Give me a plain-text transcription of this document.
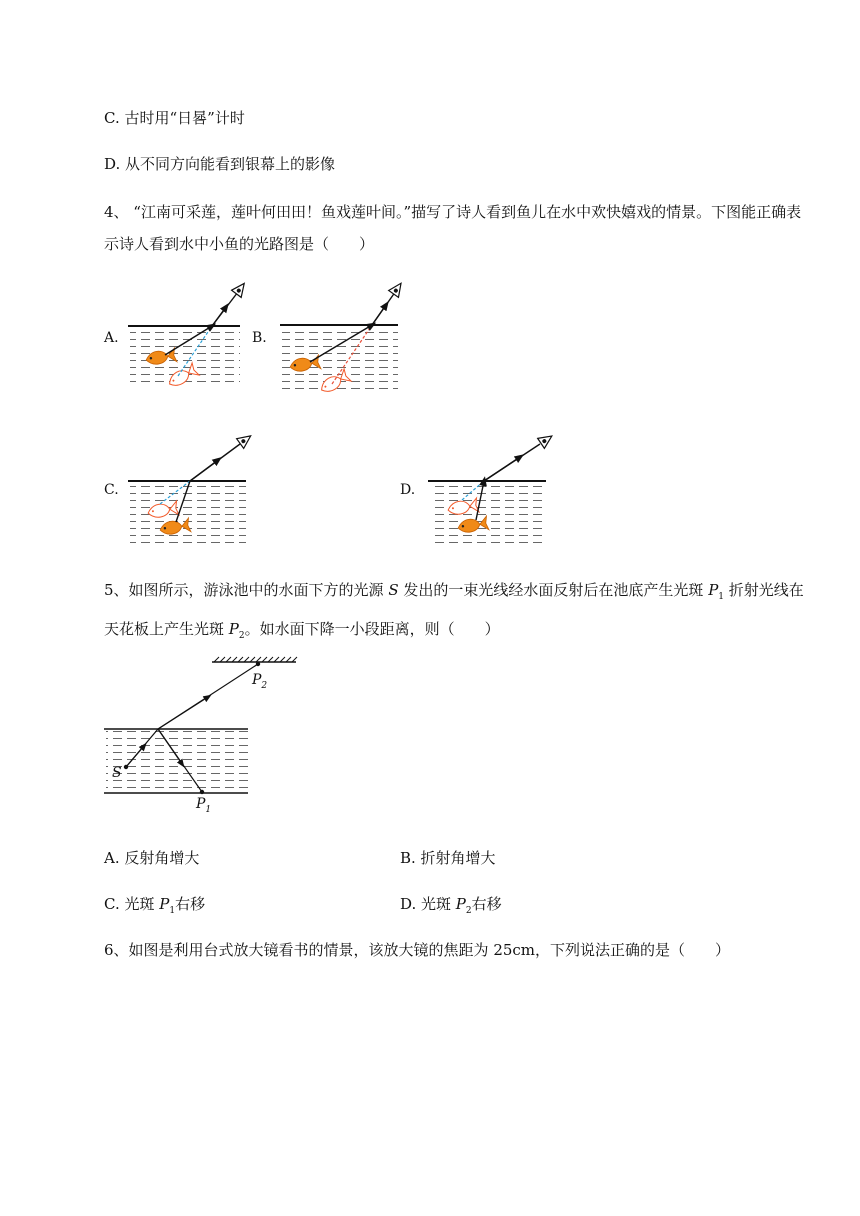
C. 古时用“日晷”计时
D. 从不同方向能看到银幕上的影像
4、 “江南可采莲，莲叶何田田！鱼戏莲叶间。”描写了诗人看到鱼儿在水中欢快嬉戏的情景。下图能正确表示诗人看到水中小鱼的光路图是（　　）
A.	B.
C.	D.
$P_2$
S
$P_1$
5、如图所示，游泳池中的水面下方的光源 S 发出的一束光线经水面反射后在池底产生光斑 $P_1$ 折射光线在天花板上产生光斑 $P_2$。如水面下降一小段距离，则（　　）
A. 反射角增大	B. 折射角增大
C. 光斑 $P_1$右移	D. 光斑 $P_2$右移
6、如图是利用台式放大镜看书的情景，该放大镜的焦距为 25cm，下列说法正确的是（　　）
